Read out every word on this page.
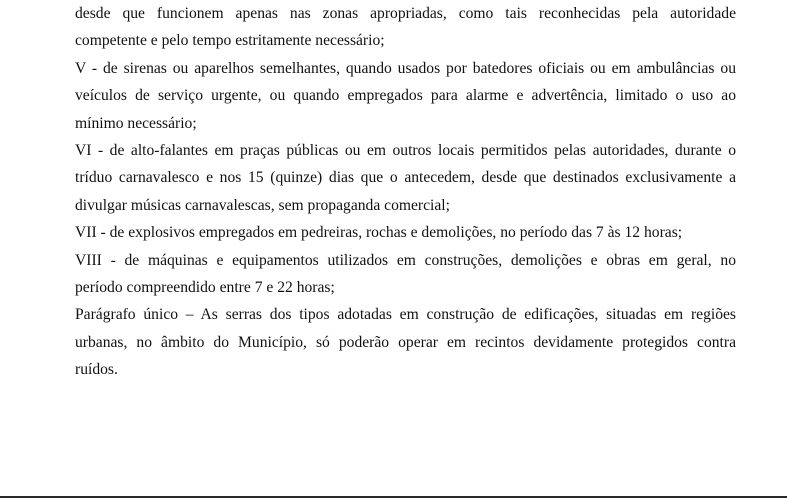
desde que funcionem apenas nas zonas apropriadas, como tais reconhecidas pela autoridade
competente e pelo tempo estritamente necessário;
V - de sirenas ou aparelhos semelhantes, quando usados por batedores oficiais ou em ambulâncias ou
veículos de serviço urgente, ou quando empregados para alarme e advertência, limitado o uso ao
mínimo necessário;
VI - de alto-falantes em praças públicas ou em outros locais permitidos pelas autoridades, durante o
tríduo carnavalesco e nos 15 (quinze) dias que o antecedem, desde que destinados exclusivamente a
divulgar músicas carnavalescas, sem propaganda comercial;
VII - de explosivos empregados em pedreiras, rochas e demolições, no período das 7 às 12 horas;
VIII - de máquinas e equipamentos utilizados em construções, demolições e obras em geral, no
período compreendido entre 7 e 22 horas;
Parágrafo único – As serras dos tipos adotadas em construção de edificações, situadas em regiões
urbanas, no âmbito do Município, só poderão operar em recintos devidamente protegidos contra
ruídos.
